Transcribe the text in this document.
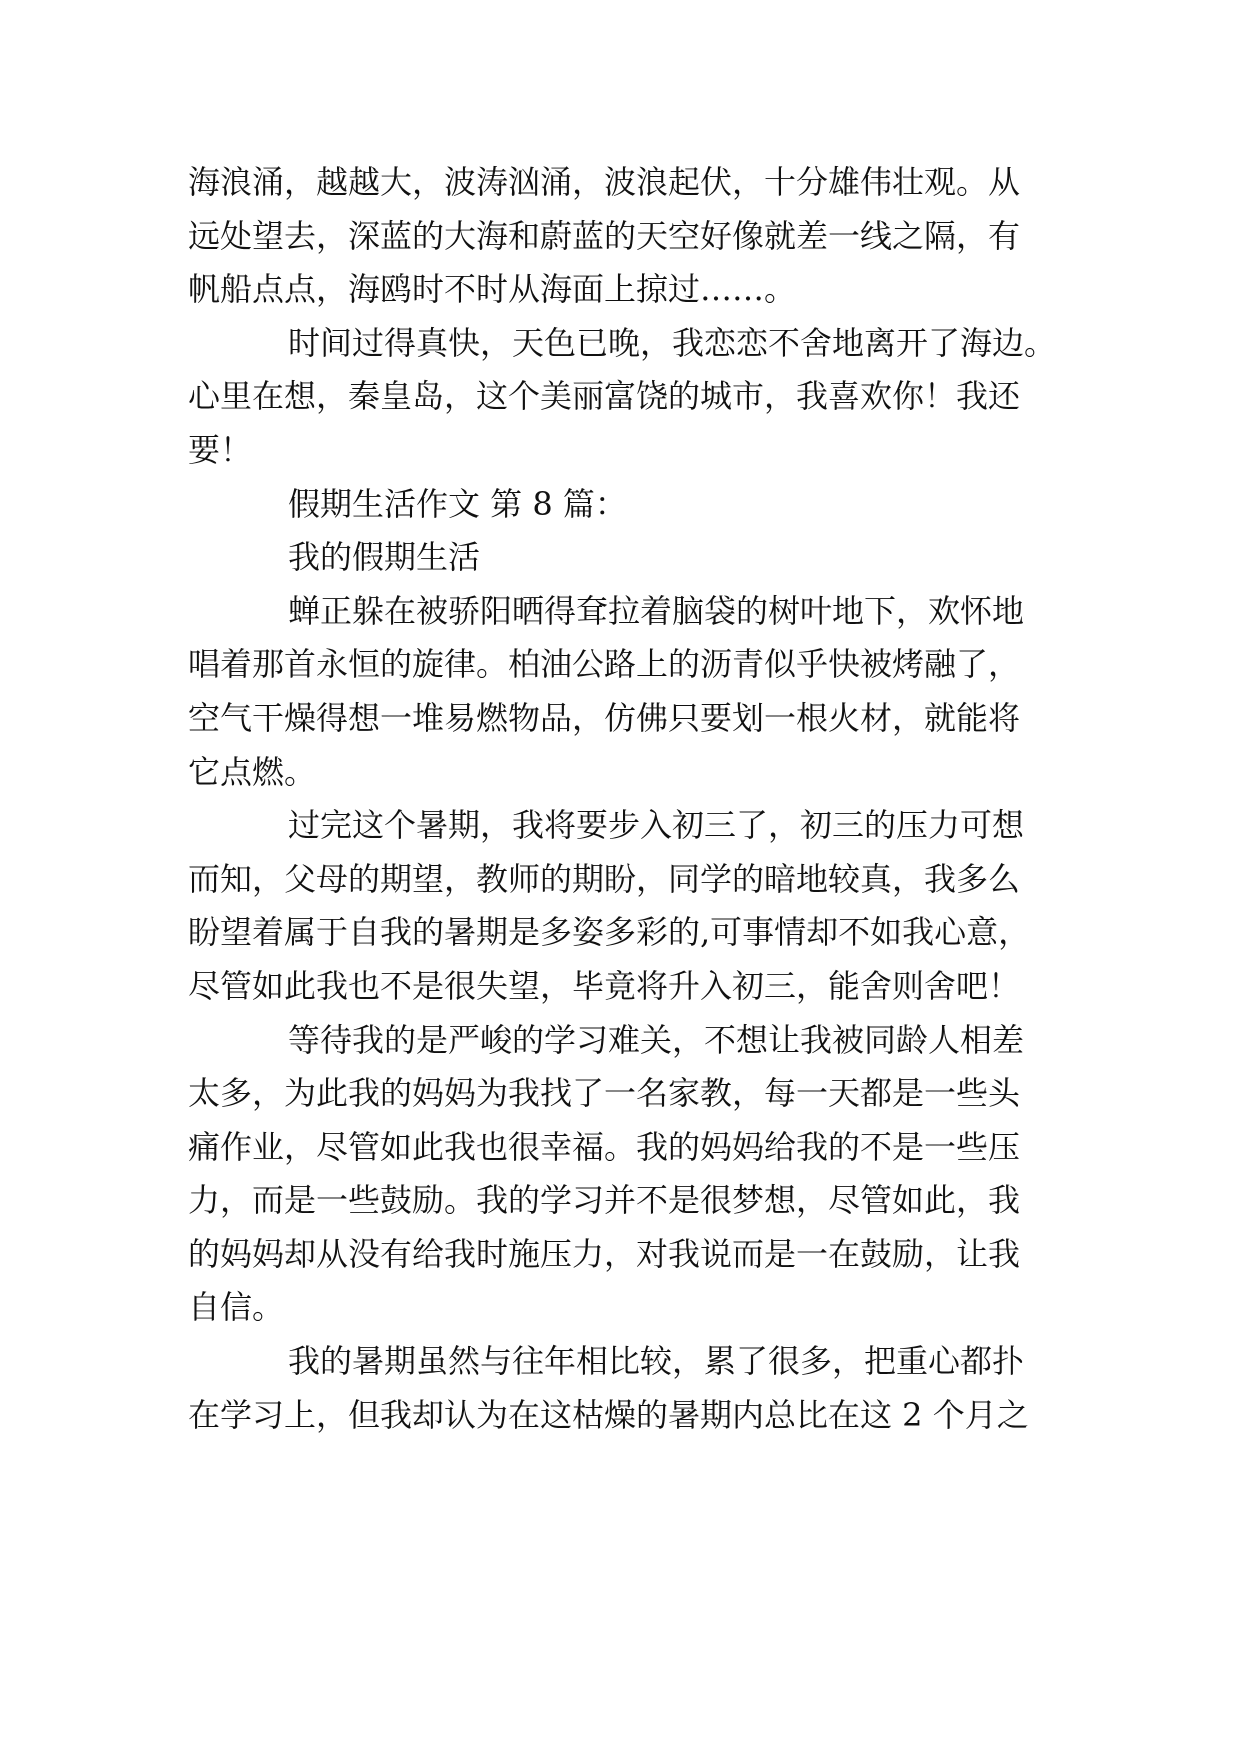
海浪涌，越越大，波涛汹涌，波浪起伏，十分雄伟壮观。从
远处望去，深蓝的大海和蔚蓝的天空好像就差一线之隔，有
帆船点点，海鸥时不时从海面上掠过……。

时间过得真快，天色已晚，我恋恋不舍地离开了海边。
心里在想，秦皇岛，这个美丽富饶的城市，我喜欢你！我还
要！

假期生活作文 第 8 篇：

我的假期生活

蝉正躲在被骄阳晒得耷拉着脑袋的树叶地下，欢怀地
唱着那首永恒的旋律。柏油公路上的沥青似乎快被烤融了，
空气干燥得想一堆易燃物品，仿佛只要划一根火材，就能将
它点燃。

过完这个暑期，我将要步入初三了，初三的压力可想
而知，父母的期望，教师的期盼，同学的暗地较真，我多么
盼望着属于自我的暑期是多姿多彩的,可事情却不如我心意，
尽管如此我也不是很失望，毕竟将升入初三，能舍则舍吧！

等待我的是严峻的学习难关，不想让我被同龄人相差
太多，为此我的妈妈为我找了一名家教，每一天都是一些头
痛作业，尽管如此我也很幸福。我的妈妈给我的不是一些压
力，而是一些鼓励。我的学习并不是很梦想，尽管如此，我
的妈妈却从没有给我时施压力，对我说而是一在鼓励，让我
自信。

我的暑期虽然与往年相比较，累了很多，把重心都扑
在学习上，但我却认为在这枯燥的暑期内总比在这 2 个月之
